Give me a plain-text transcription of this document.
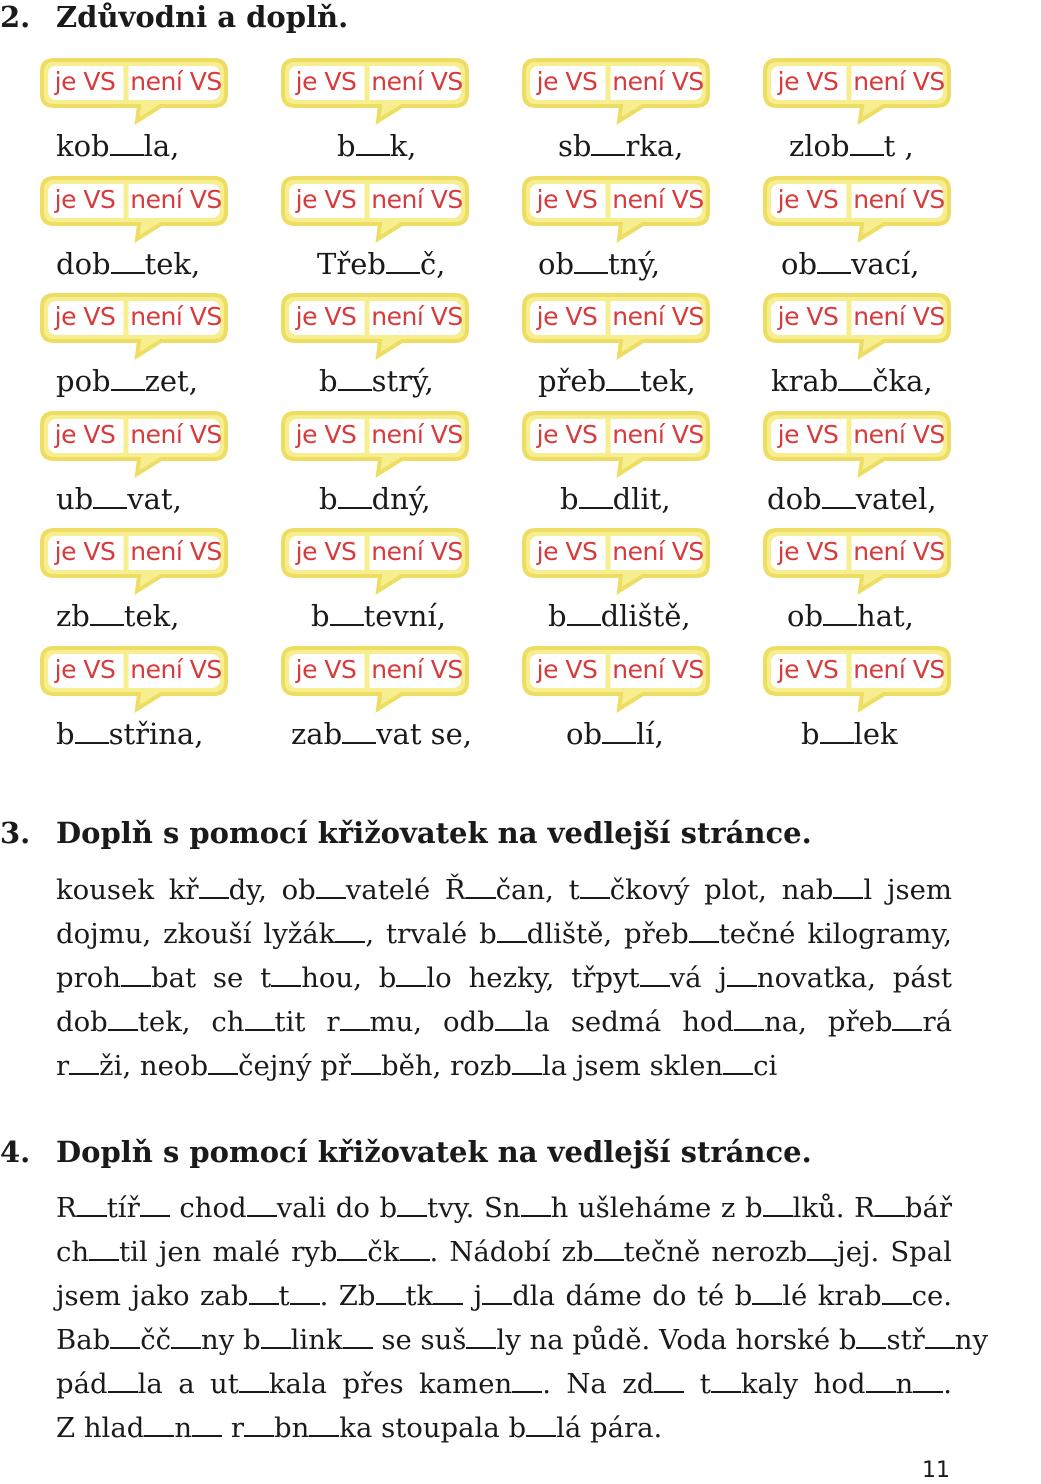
2. Zdůvodni a doplň.
je VS není VS
kob la,
je VS není VS
b k,
je VS není VS
sb rka,
je VS není VS
zlob t ,
je VS není VS
dob tek,
je VS není VS
Třeb č,
je VS není VS
ob tný,
je VS není VS
ob vací,
je VS není VS
pob zet,
je VS není VS
b strý,
je VS není VS
přeb tek,
je VS není VS
krab čka,
je VS není VS
ub vat,
je VS není VS
b dný,
je VS není VS
b dlit,
je VS není VS
dob vatel,
je VS není VS
zb tek,
je VS není VS
b tevní,
je VS není VS
b dliště,
je VS není VS
ob hat,
je VS není VS
b střina,
je VS není VS
zab vat se,
je VS není VS
ob lí,
je VS není VS
b lek
3. Doplň s pomocí křižovatek na vedlejší stránce.
kousek kř dy, ob vatelé Ř čan, t čkový plot, nab l jsem
dojmu, zkouší lyžák , trvalé b dliště, přeb tečné kilogramy,
proh bat se t hou, b lo hezky, třpyt vá j novatka, pást
dob tek, ch tit r mu, odb la sedmá hod na, přeb rá
r ži, neob čejný př běh, rozb la jsem sklen ci
4. Doplň s pomocí křižovatek na vedlejší stránce.
R tíř chod vali do b tvy. Sn h ušleháme z b lků. R bář
ch til jen malé ryb čk . Nádobí zb tečně nerozb jej. Spal
jsem jako zab t . Zb tk j dla dáme do té b lé krab ce.
Bab čč ny b link se suš ly na půdě. Voda horské b stř ny
pád la a ut kala přes kamen . Na zd t kaly hod n .
Z hlad n r bn ka stoupala b lá pára.
11
